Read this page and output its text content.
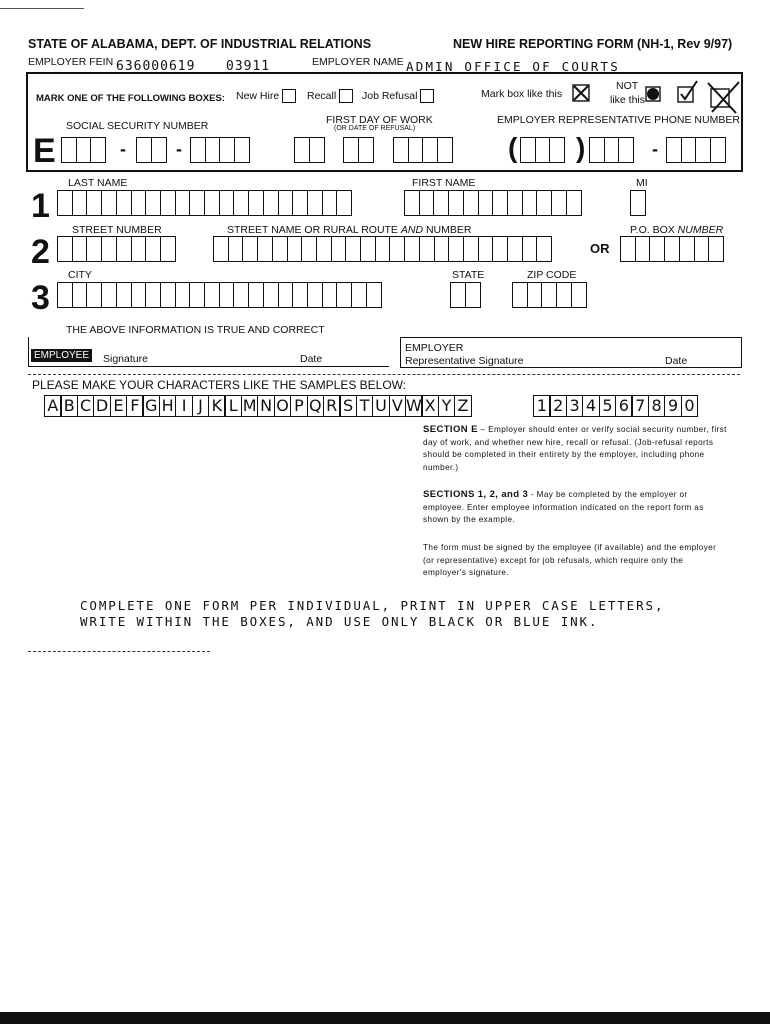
STATE OF ALABAMA, DEPT. OF INDUSTRIAL RELATIONS	NEW HIRE REPORTING FORM (NH-1, Rev 9/97)
EMPLOYER FEIN 636000619 03911	EMPLOYER NAME ADMIN OFFICE OF COURTS
MARK ONE OF THE FOLLOWING BOXES: New Hire	Recall	Job Refusal	Mark box like this
NOT
like this
SOCIAL SECURITY NUMBER	FIRST DAY OF WORK
(OR DATE OF REFUSAL)
EMPLOYER REPRESENTATIVE PHONE NUMBER
E	-	-	( )	-
LAST NAME	FIRST NAME	MI
1
STREET NUMBER	STREET NAME OR RURAL ROUTE AND NUMBER	P.O. BOX NUMBER
2	OR
CITY	STATE	ZIP CODE
3
THE ABOVE INFORMATION IS TRUE AND CORRECT
EMPLOYEE Signature	Date
EMPLOYER
Representative Signature	Date
PLEASE MAKE YOUR CHARACTERS LIKE THE SAMPLES BELOW:
A B C D E F G H I J K L M N O P Q R S T U V W X Y Z	1 2 3 4 5 6 7 8 9 0
SECTION E – Employer should enter or verify social security number, first day of work, and whether new hire, recall or refusal. (Job-refusal reports should be completed in their entirety by the employer, including phone number.)
SECTIONS 1, 2, and 3 - May be completed by the employer or employee. Enter employee information indicated on the report form as shown by the example.
The form must be signed by the employee (if available) and the employer (or representative) except for job refusals, which require only the employer's signature.
COMPLETE ONE FORM PER INDIVIDUAL, PRINT IN UPPER CASE LETTERS,
WRITE WITHIN THE BOXES, AND USE ONLY BLACK OR BLUE INK.
